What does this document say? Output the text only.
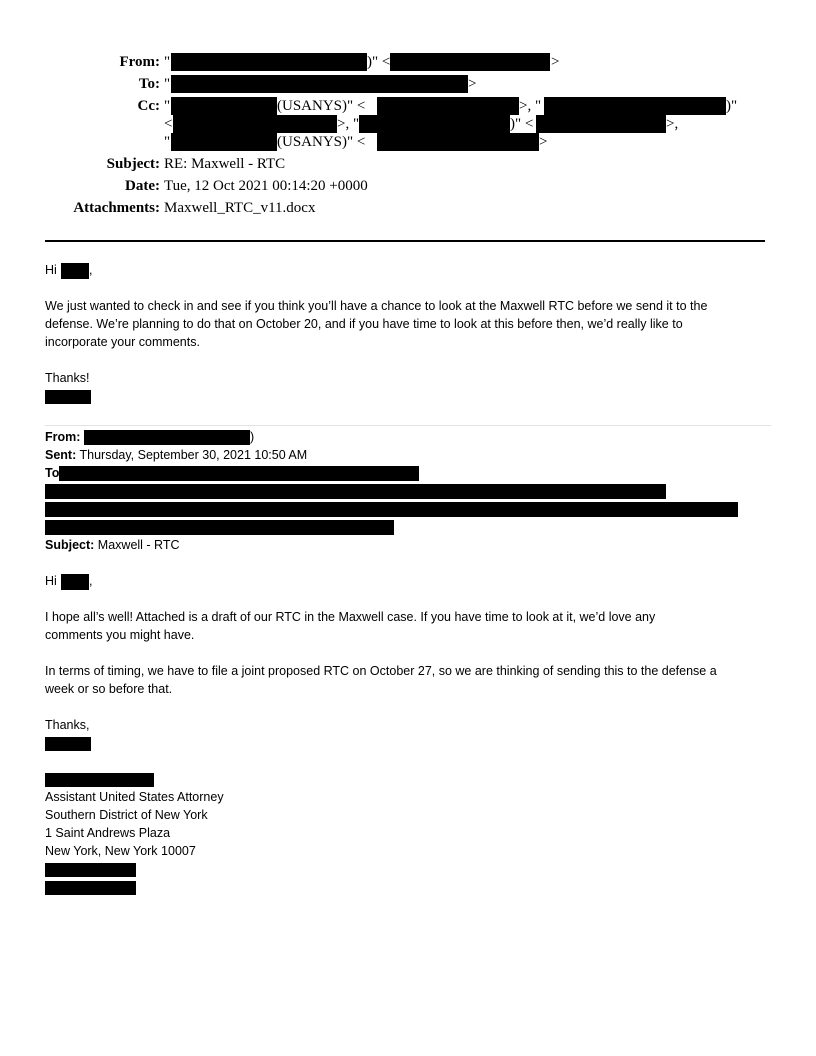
From: "	)" <	>
To: "	>
Cc: "	(USANYS)" <	>, "	)"
<	>, "	)" <	>,
"	(USANYS)" <	>
Subject: RE: Maxwell - RTC
Date: Tue, 12 Oct 2021 00:14:20 +0000
Attachments: Maxwell_RTC_v11.docx
Hi	,
We just wanted to check in and see if you think you’ll have a chance to look at the Maxwell RTC before we send it to the
defense. We’re planning to do that on October 20, and if you have time to look at this before then, we’d really like to
incorporate your comments.
Thanks!
From:	)
Sent: Thursday, September 30, 2021 10:50 AM
To
Subject: Maxwell - RTC
Hi	,
I hope all’s well! Attached is a draft of our RTC in the Maxwell case. If you have time to look at it, we’d love any
comments you might have.
In terms of timing, we have to file a joint proposed RTC on October 27, so we are thinking of sending this to the defense a
week or so before that.
Thanks,
Assistant United States Attorney
Southern District of New York
1 Saint Andrews Plaza
New York, New York 10007
